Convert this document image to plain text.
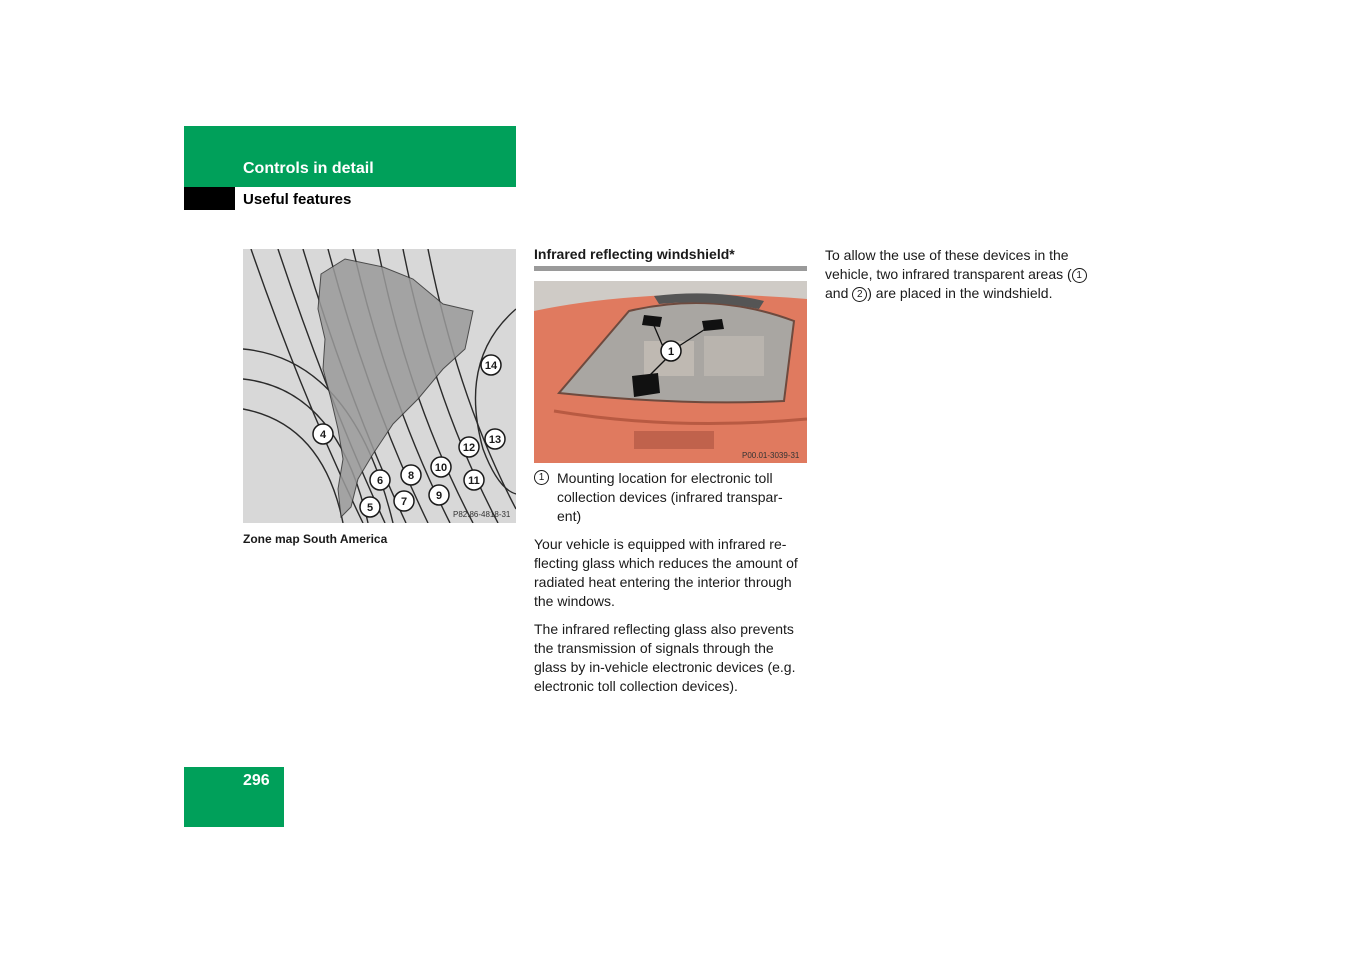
Controls in detail
Useful features
4
5
6
7
8
9
10
11
12
13
14
P82.86-4818-31
Zone map South America
Infrared reflecting windshield*
1
P00.01-3039-31
1 Mounting location for electronic toll collection devices (infrared transpar- ent)

Your vehicle is equipped with infrared re- flecting glass which reduces the amount of radiated heat entering the interior through the windows.

The infrared reflecting glass also prevents the transmission of signals through the glass by in-vehicle electronic devices (e.g. electronic toll collection devices).

To allow the use of these devices in the vehicle, two infrared transparent areas ( 1 and 2 ) are placed in the windshield.

296
